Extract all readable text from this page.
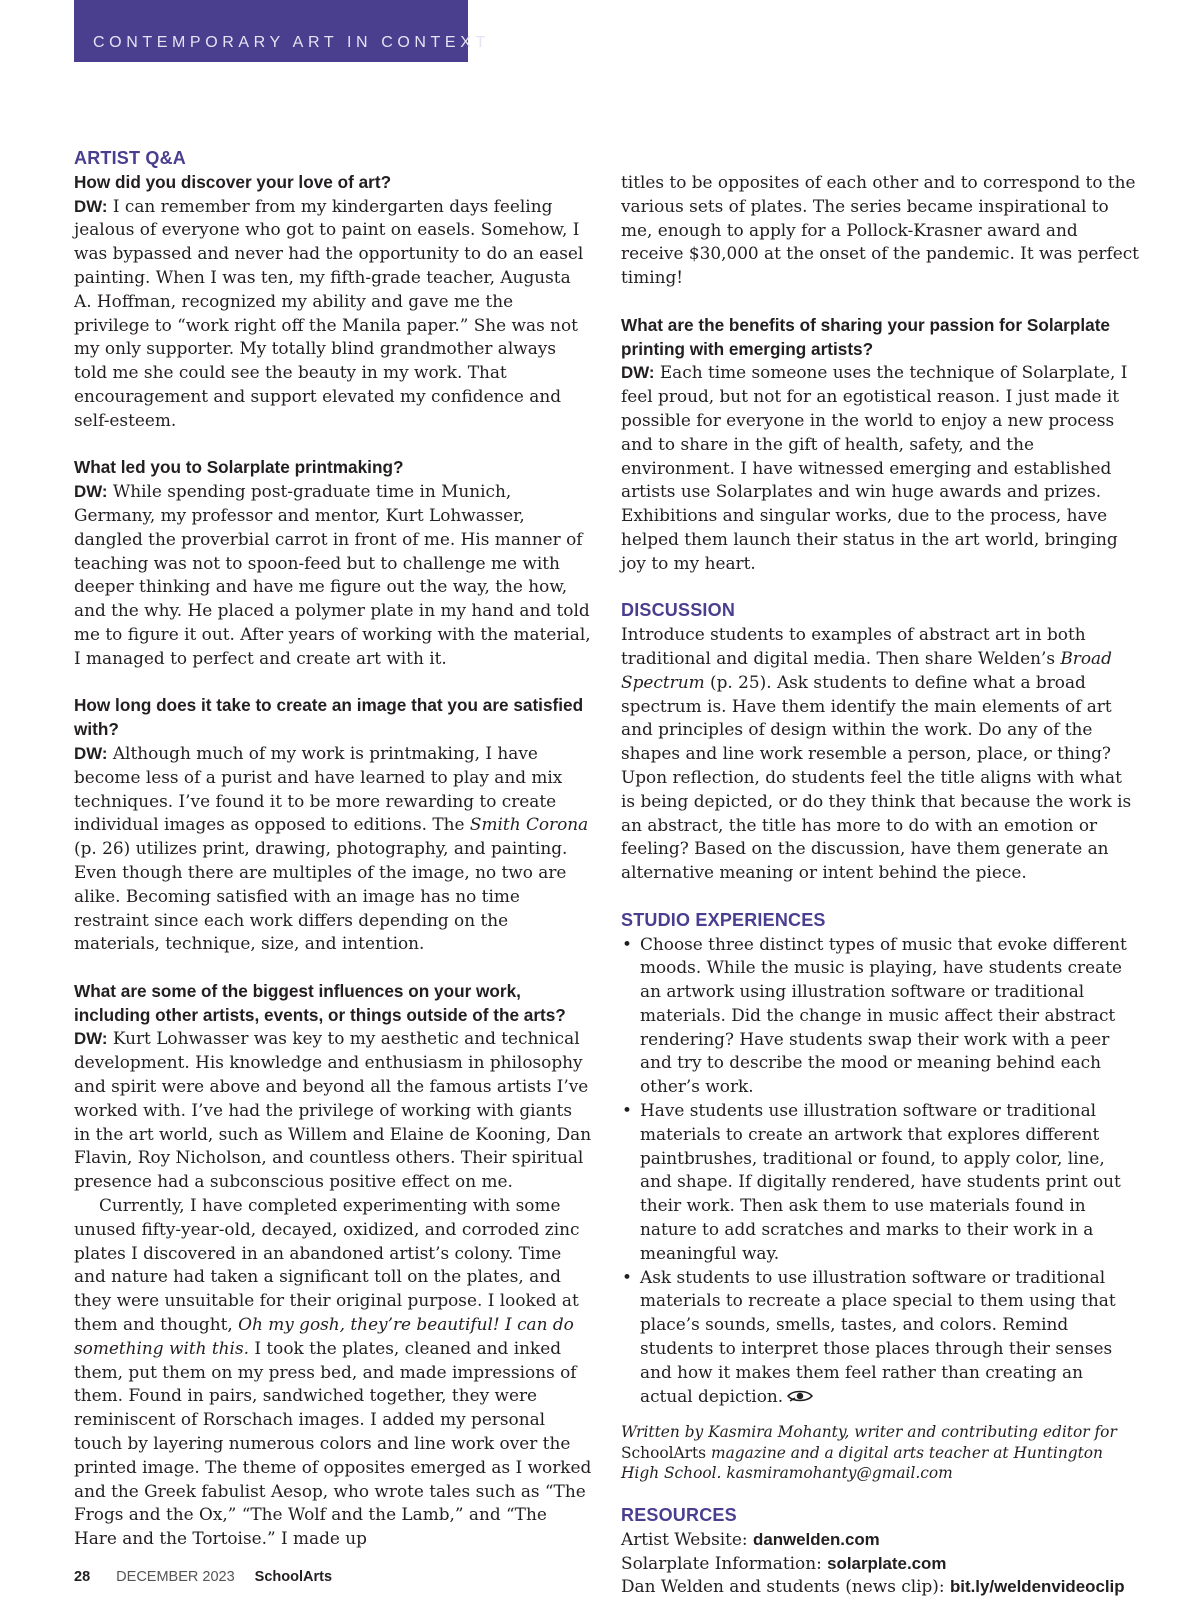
CONTEMPORARY ART IN CONTEXT

ARTIST Q&A

How did you discover your love of art?

DW: I can remember from my kindergarten days feeling jealous of everyone who got to paint on easels. Somehow, I was bypassed and never had the opportunity to do an easel painting. When I was ten, my fifth-grade teacher, Augusta A. Hoffman, recognized my ability and gave me the privilege to “work right off the Manila paper.” She was not my only supporter. My totally blind grandmother always told me she could see the beauty in my work. That encouragement and support elevated my confidence and self-esteem.

What led you to Solarplate printmaking?

DW: While spending post-graduate time in Munich, Germany, my professor and mentor, Kurt Lohwasser, dangled the proverbial carrot in front of me. His manner of teaching was not to spoon-feed but to challenge me with deeper thinking and have me figure out the way, the how, and the why. He placed a polymer plate in my hand and told me to figure it out. After years of working with the material, I managed to perfect and create art with it.

How long does it take to create an image that you are satisfied with?

DW: Although much of my work is printmaking, I have become less of a purist and have learned to play and mix techniques. I’ve found it to be more rewarding to create individual images as opposed to editions. The Smith Corona (p. 26) utilizes print, drawing, photography, and painting. Even though there are multiples of the image, no two are alike. Becoming satisfied with an image has no time restraint since each work differs depending on the materials, technique, size, and intention.

What are some of the biggest influences on your work, including other artists, events, or things outside of the arts?

DW: Kurt Lohwasser was key to my aesthetic and technical development. His knowledge and enthusiasm in philosophy and spirit were above and beyond all the famous artists I’ve worked with. I’ve had the privilege of working with giants in the art world, such as Willem and Elaine de Kooning, Dan Flavin, Roy Nicholson, and countless others. Their spiritual presence had a subconscious positive effect on me.

Currently, I have completed experimenting with some unused fifty-year-old, decayed, oxidized, and corroded zinc plates I discovered in an abandoned artist’s colony. Time and nature had taken a significant toll on the plates, and they were unsuitable for their original purpose. I looked at them and thought, Oh my gosh, they’re beautiful! I can do something with this. I took the plates, cleaned and inked them, put them on my press bed, and made impressions of them. Found in pairs, sandwiched together, they were reminiscent of Rorschach images. I added my personal touch by layering numerous colors and line work over the printed image. The theme of opposites emerged as I worked and the Greek fabulist Aesop, who wrote tales such as “The Frogs and the Ox,” “The Wolf and the Lamb,” and “The Hare and the Tortoise.” I made up

titles to be opposites of each other and to correspond to the various sets of plates. The series became inspirational to me, enough to apply for a Pollock-Krasner award and receive $30,000 at the onset of the pandemic. It was perfect timing!

What are the benefits of sharing your passion for Solarplate printing with emerging artists?

DW: Each time someone uses the technique of Solarplate, I feel proud, but not for an egotistical reason. I just made it possible for everyone in the world to enjoy a new process and to share in the gift of health, safety, and the environment. I have witnessed emerging and established artists use Solarplates and win huge awards and prizes. Exhibitions and singular works, due to the process, have helped them launch their status in the art world, bringing joy to my heart.

DISCUSSION

Introduce students to examples of abstract art in both traditional and digital media. Then share Welden’s Broad Spectrum (p. 25). Ask students to define what a broad spectrum is. Have them identify the main elements of art and principles of design within the work. Do any of the shapes and line work resemble a person, place, or thing? Upon reflection, do students feel the title aligns with what is being depicted, or do they think that because the work is an abstract, the title has more to do with an emotion or feeling? Based on the discussion, have them generate an alternative meaning or intent behind the piece.

STUDIO EXPERIENCES

• Choose three distinct types of music that evoke different moods. While the music is playing, have students create an artwork using illustration software or traditional materials. Did the change in music affect their abstract rendering? Have students swap their work with a peer and try to describe the mood or meaning behind each other’s work.
• Have students use illustration software or traditional materials to create an artwork that explores different paintbrushes, traditional or found, to apply color, line, and shape. If digitally rendered, have students print out their work. Then ask them to use materials found in nature to add scratches and marks to their work in a meaningful way.
• Ask students to use illustration software or traditional materials to recreate a place special to them using that place’s sounds, smells, tastes, and colors. Remind students to interpret those places through their senses and how it makes them feel rather than creating an actual depiction.

Written by Kasmira Mohanty, writer and contributing editor for SchoolArts magazine and a digital arts teacher at Huntington High School. kasmiramohanty@gmail.com

RESOURCES

Artist Website: danwelden.com

Solarplate Information: solarplate.com

Dan Welden and students (news clip): bit.ly/weldenvideoclip

28 DECEMBER 2023 SchoolArts
